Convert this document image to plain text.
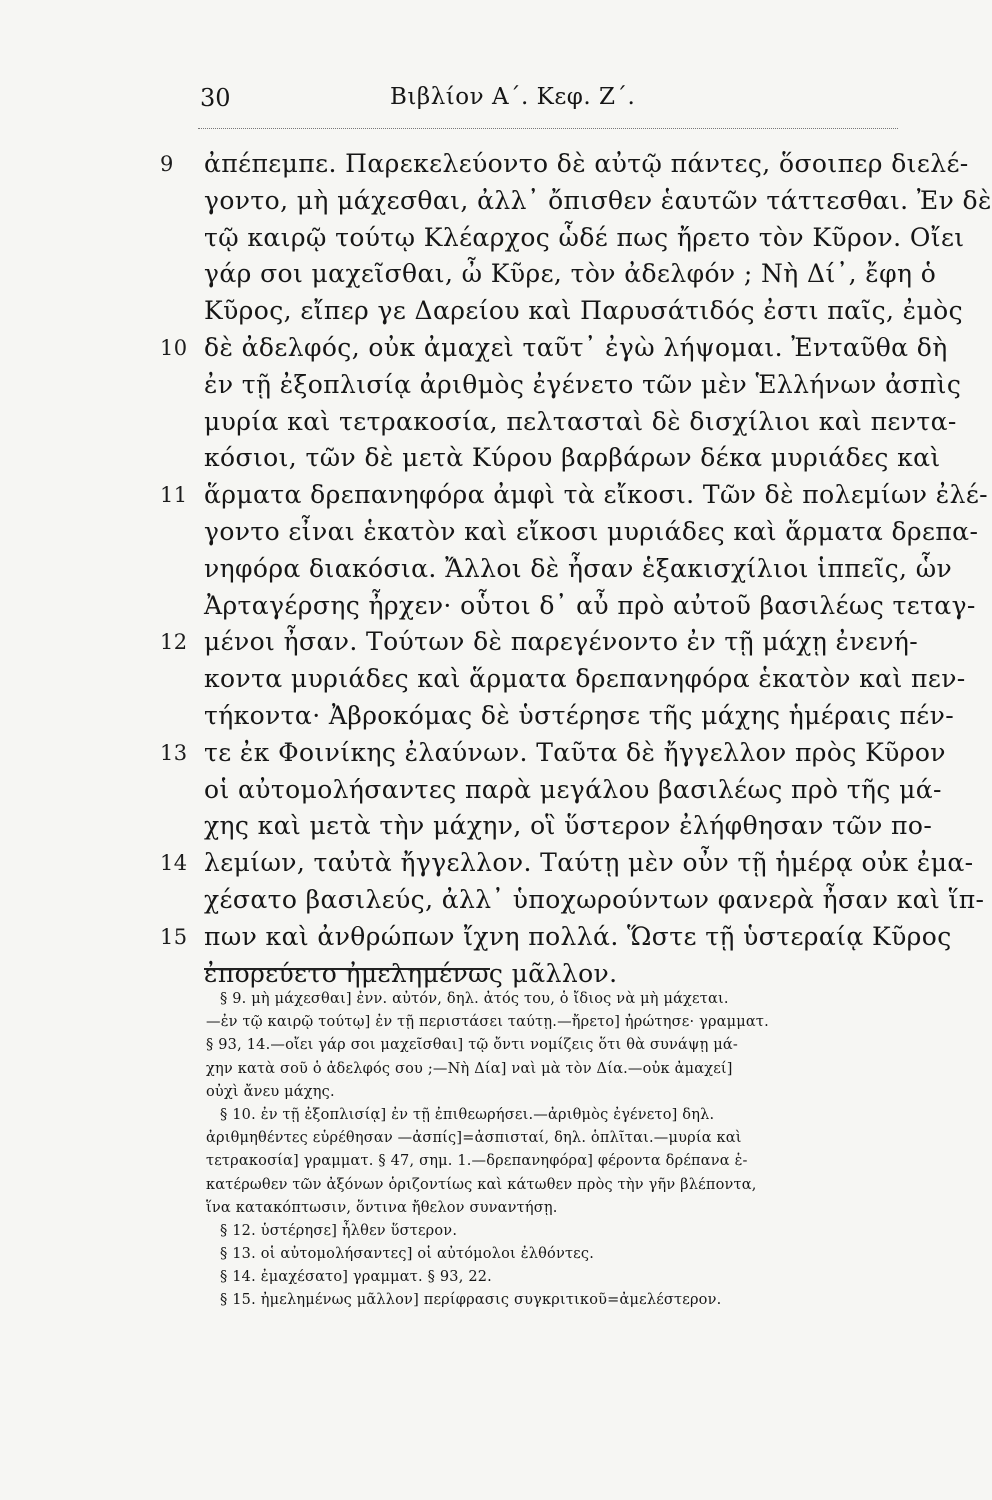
30	Βιβλίον Α΄. Κεφ. Ζ΄.
9	ἀπέπεμπε. Παρεκελεύοντο δὲ αὐτῷ πάντες, ὅσοιπερ διελέ-
γοντο, μὴ μάχεσθαι, ἀλλ᾽ ὄπισθεν ἑαυτῶν τάττεσθαι. Ἐν δὲ
τῷ καιρῷ τούτῳ Κλέαρχος ὧδέ πως ἤρετο τὸν Κῦρον. Οἴει
γάρ σοι μαχεῖσθαι, ὦ Κῦρε, τὸν ἀδελφόν ; Νὴ Δί᾽, ἔφη ὁ
Κῦρος, εἴπερ γε Δαρείου καὶ Παρυσάτιδός ἐστι παῖς, ἐμὸς
10 δὲ ἀδελφός, οὐκ ἀμαχεὶ ταῦτ᾽ ἐγὼ λήψομαι. Ἐνταῦθα δὴ
ἐν τῇ ἐξοπλισίᾳ ἀριθμὸς ἐγένετο τῶν μὲν Ἑλλήνων ἀσπὶς
μυρία καὶ τετρακοσία, πελτασταὶ δὲ δισχίλιοι καὶ πεντα-
κόσιοι, τῶν δὲ μετὰ Κύρου βαρβάρων δέκα μυριάδες καὶ
11 ἅρματα δρεπανηφόρα ἀμφὶ τὰ εἴκοσι. Τῶν δὲ πολεμίων ἐλέ-
γοντο εἶναι ἑκατὸν καὶ εἴκοσι μυριάδες καὶ ἅρματα δρεπα-
νηφόρα διακόσια. Ἄλλοι δὲ ἦσαν ἑξακισχίλιοι ἱππεῖς, ὧν
Ἀρταγέρσης ἦρχεν· οὗτοι δ᾽ αὖ πρὸ αὐτοῦ βασιλέως τεταγ-
12 μένοι ἦσαν. Τούτων δὲ παρεγένοντο ἐν τῇ μάχῃ ἐνενή-
κοντα μυριάδες καὶ ἅρματα δρεπανηφόρα ἑκατὸν καὶ πεν-
τήκοντα· Ἀβροκόμας δὲ ὑστέρησε τῆς μάχης ἡμέραις πέν-
13 τε ἐκ Φοινίκης ἐλαύνων. Ταῦτα δὲ ἤγγελλον πρὸς Κῦρον
οἱ αὐτομολήσαντες παρὰ μεγάλου βασιλέως πρὸ τῆς μά-
χης καὶ μετὰ τὴν μάχην, οἳ ὕστερον ἐλήφθησαν τῶν πο-
14 λεμίων, ταὐτὰ ἤγγελλον. Ταύτῃ μὲν οὖν τῇ ἡμέρᾳ οὐκ ἐμα-
χέσατο βασιλεύς, ἀλλ᾽ ὑποχωρούντων φανερὰ ἦσαν καὶ ἵπ-
15 πων καὶ ἀνθρώπων ἴχνη πολλά. Ὥστε τῇ ὑστεραίᾳ Κῦρος
ἐπορεύετο ἠμελημένως μᾶλλον.
§ 9. μὴ μάχεσθαι] ἐνν. αὐτόν, δηλ. ἀτός του, ὁ ἴδιος νὰ μὴ μάχεται.
—ἐν τῷ καιρῷ τούτῳ] ἐν τῇ περιστάσει ταύτῃ.—ἤρετο] ἠρώτησε· γραμματ.
§ 93, 14.—οἴει γάρ σοι μαχεῖσθαι] τῷ ὄντι νομίζεις ὅτι θὰ συνάψῃ μά-
χην κατὰ σοῦ ὁ ἀδελφός σου ;—Νὴ Δία] ναὶ μὰ τὸν Δία.—οὐκ ἀμαχεί]
οὐχὶ ἄνευ μάχης.
§ 10. ἐν τῇ ἐξοπλισίᾳ] ἐν τῇ ἐπιθεωρήσει.—ἀριθμὸς ἐγένετο] δηλ.
ἀριθμηθέντες εὑρέθησαν —ἀσπίς]=ἀσπισταί, δηλ. ὁπλῖται.—μυρία καὶ
τετρακοσία] γραμματ. § 47, σημ. 1.—δρεπανηφόρα] φέροντα δρέπανα ἑ-
κατέρωθεν τῶν ἀξόνων ὁριζοντίως καὶ κάτωθεν πρὸς τὴν γῆν βλέποντα,
ἵνα κατακόπτωσιν, ὅντινα ἤθελον συναντήσῃ.
§ 12. ὑστέρησε] ἦλθεν ὕστερον.
§ 13. οἱ αὐτομολήσαντες] οἱ αὐτόμολοι ἐλθόντες.
§ 14. ἐμαχέσατο] γραμματ. § 93, 22.
§ 15. ἠμελημένως μᾶλλον] περίφρασις συγκριτικοῦ=ἀμελέστερον.
